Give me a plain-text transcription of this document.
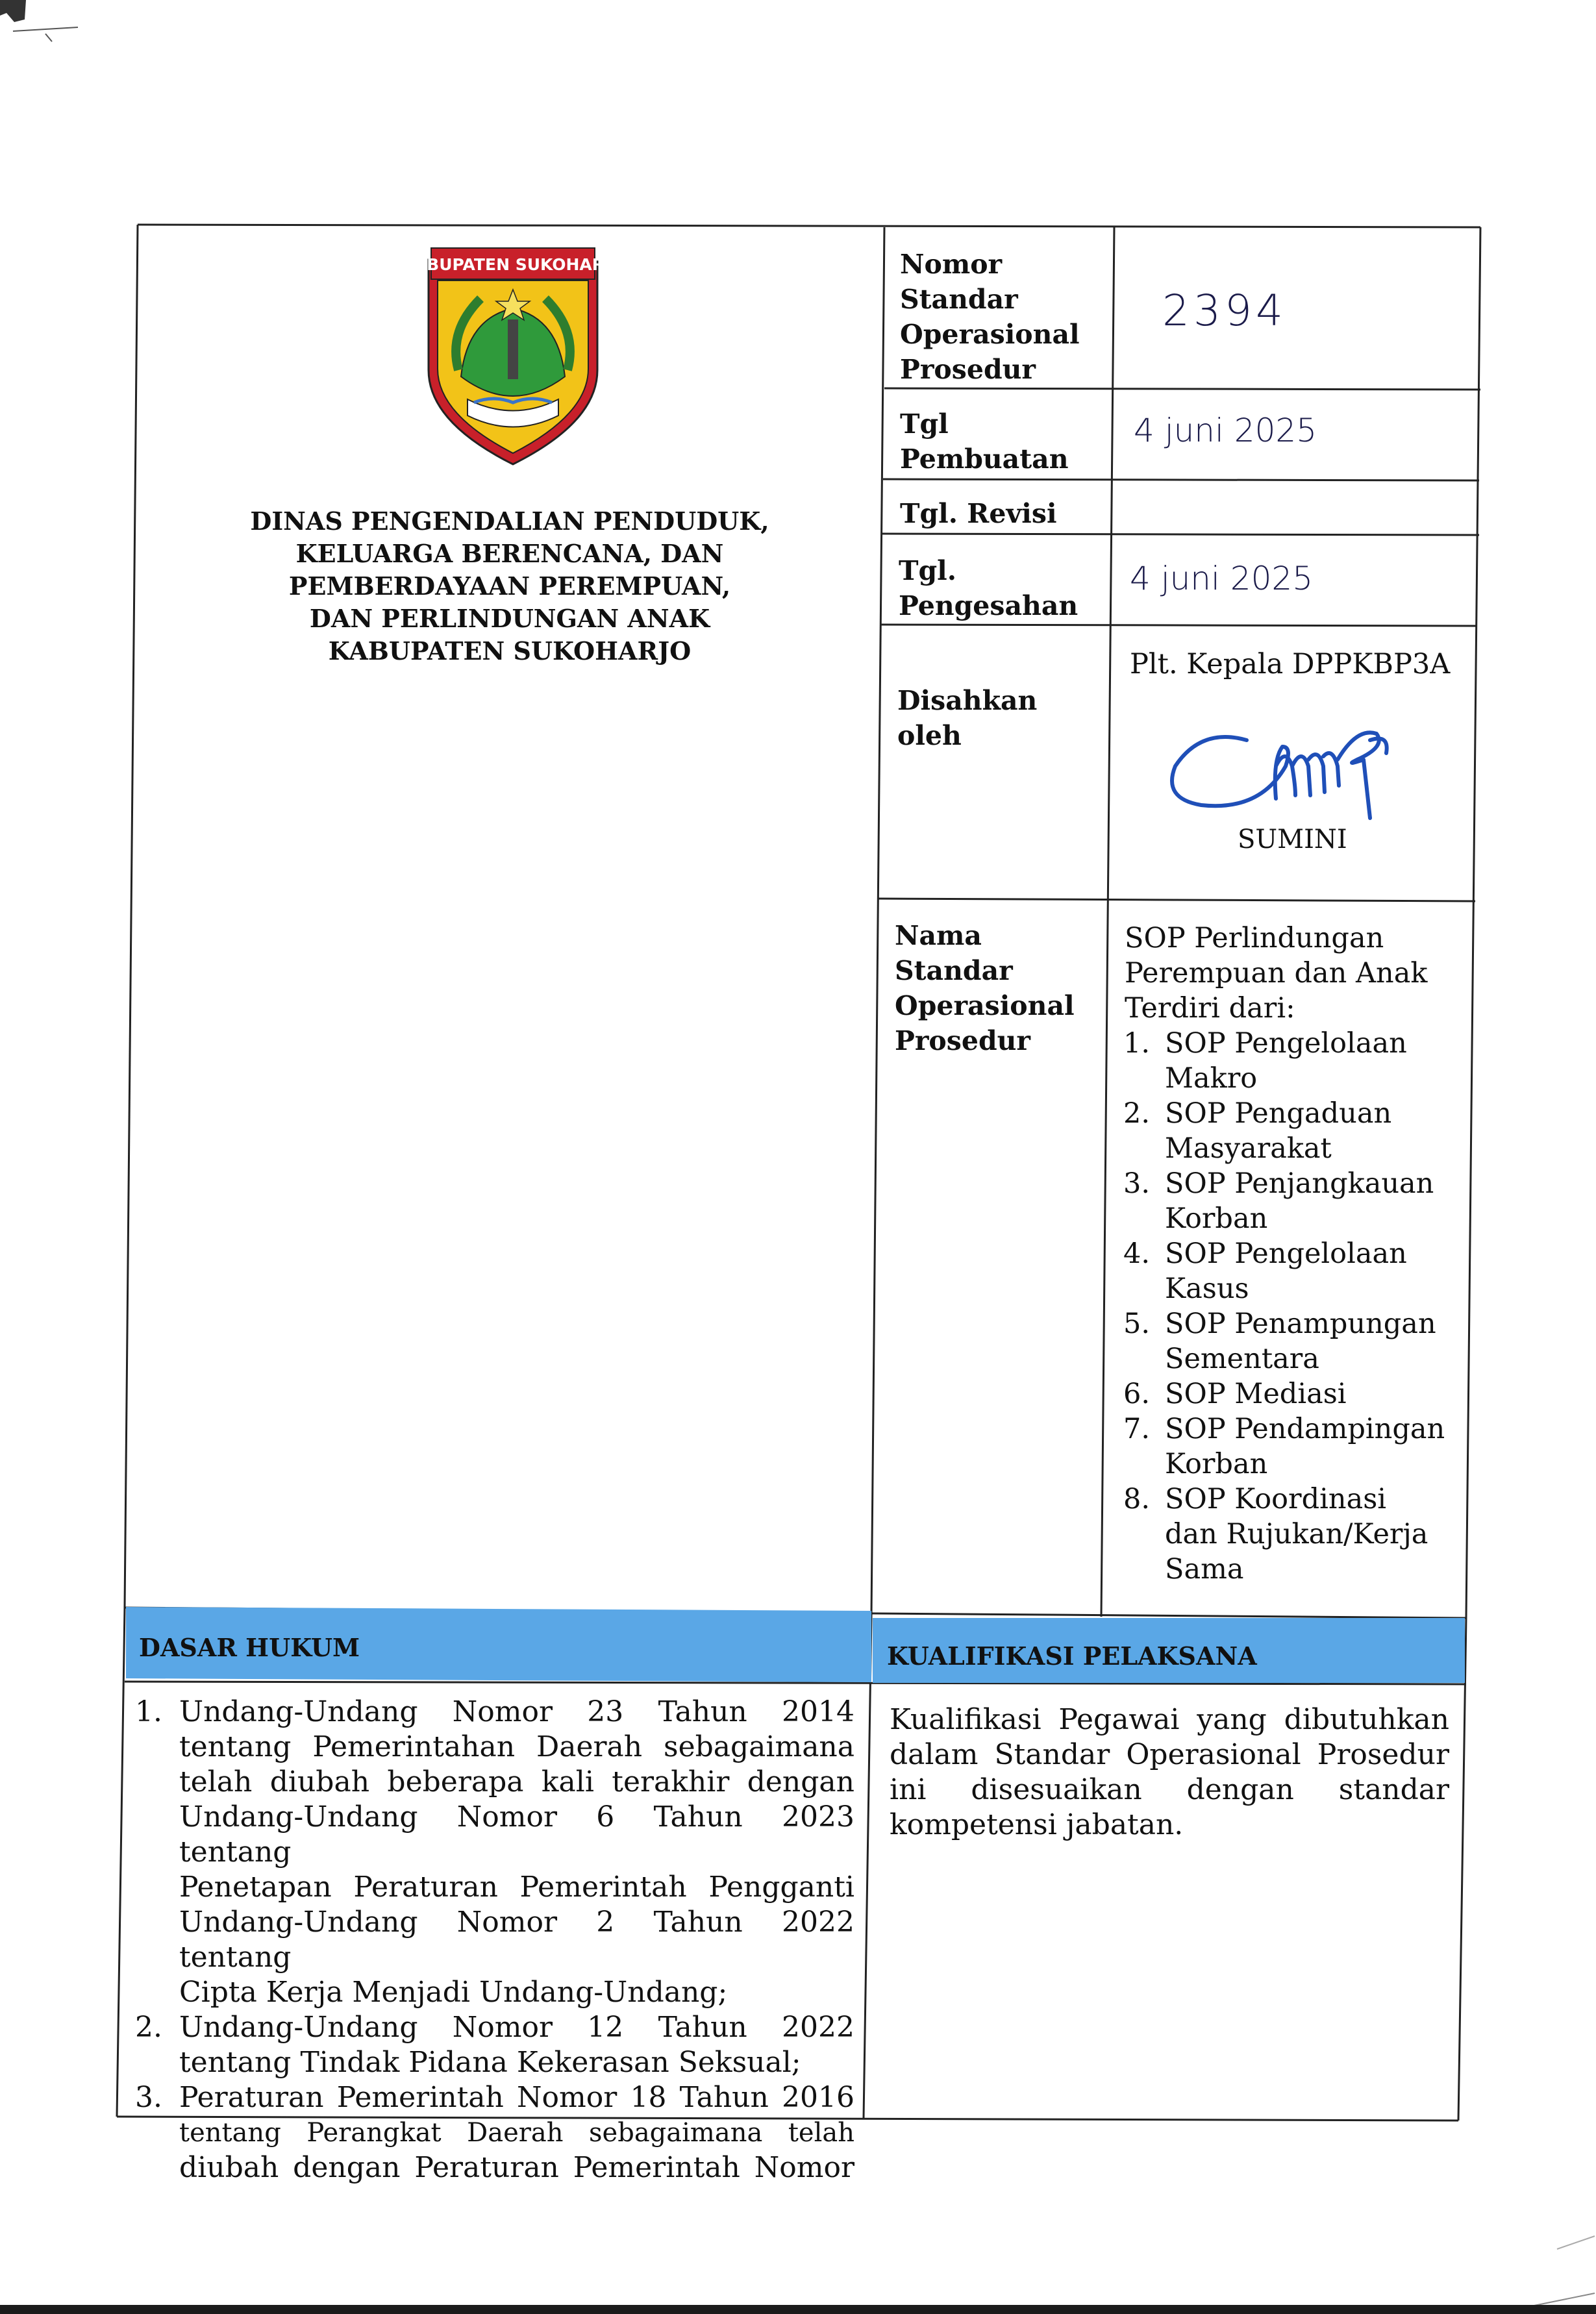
DASAR HUKUM	KUALIFIKASI PELAKSANA
KABUPATEN SUKOHARJO
DINAS PENGENDALIAN PENDUDUK,
KELUARGA BERENCANA, DAN
PEMBERDAYAAN PEREMPUAN,
DAN PERLINDUNGAN ANAK
KABUPATEN SUKOHARJO
Nomor
Standar
Operasional
Prosedur
2394
Tgl
Pembuatan
4 juni 2025
Tgl. Revisi
Tgl.
Pengesahan
4 juni 2025
Disahkan
oleh
Plt. Kepala DPPKBP3A
SUMINI
Nama
Standar
Operasional
Prosedur
SOP Perlindungan
Perempuan dan Anak
Terdiri dari:
1. SOP Pengelolaan
Makro
2. SOP Pengaduan
Masyarakat
3. SOP Penjangkauan
Korban
4. SOP Pengelolaan
Kasus
5. SOP Penampungan
Sementara
6. SOP Mediasi
7. SOP Pendampingan
Korban
8. SOP Koordinasi
dan Rujukan/Kerja
Sama
1. Undang-Undang Nomor 23 Tahun 2014
tentang Pemerintahan Daerah sebagaimana
telah diubah beberapa kali terakhir dengan
Undang-Undang Nomor 6 Tahun 2023 tentang
Penetapan Peraturan Pemerintah Pengganti
Undang-Undang Nomor 2 Tahun 2022 tentang
Cipta Kerja Menjadi Undang-Undang;
2. Undang-Undang Nomor 12 Tahun 2022
tentang Tindak Pidana Kekerasan Seksual;
3. Peraturan Pemerintah Nomor 18 Tahun 2016
tentang Perangkat Daerah sebagaimana telah
diubah dengan Peraturan Pemerintah Nomor
Kualifikasi Pegawai yang dibutuhkan
dalam Standar Operasional Prosedur
ini disesuaikan dengan standar
kompetensi jabatan.
